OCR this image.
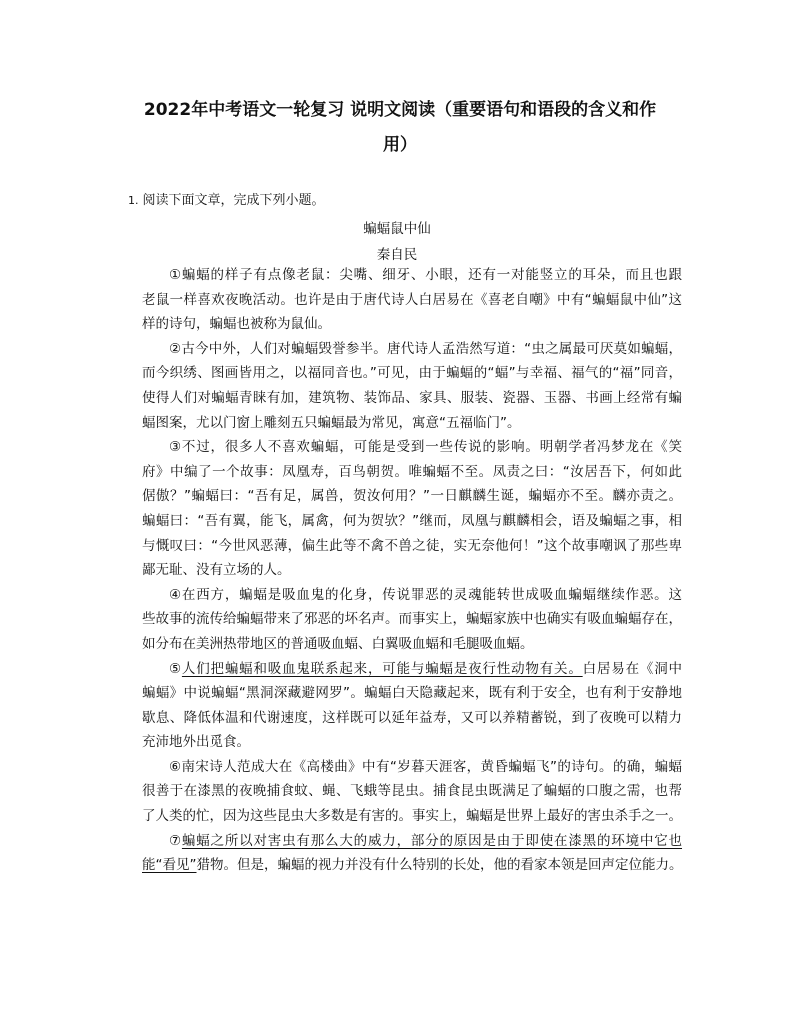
2022年中考语文一轮复习 说明文阅读（重要语句和语段的含义和作
用）
1. 阅读下面文章，完成下列小题。
蝙蝠鼠中仙
秦自民
①蝙蝠的样子有点像老鼠：尖嘴、细牙、小眼，还有一对能竖立的耳朵，而且也跟
老鼠一样喜欢夜晚活动。也许是由于唐代诗人白居易在《喜老自嘲》中有“蝙蝠鼠中仙”这
样的诗句，蝙蝠也被称为鼠仙。
②古今中外，人们对蝙蝠毁誉参半。唐代诗人孟浩然写道：“虫之属最可厌莫如蝙蝠，
而今织绣、图画皆用之，以福同音也。”可见，由于蝙蝠的“蝠”与幸福、福气的“福”同音，
使得人们对蝙蝠青睐有加，建筑物、装饰品、家具、服装、瓷器、玉器、书画上经常有蝙
蝠图案，尤以门窗上雕刻五只蝙蝠最为常见，寓意“五福临门”。
③不过，很多人不喜欢蝙蝠，可能是受到一些传说的影响。明朝学者冯梦龙在《笑
府》中编了一个故事：凤凰寿，百鸟朝贺。唯蝙蝠不至。凤责之曰：“汝居吾下，何如此
倨傲？”蝙蝠曰：“吾有足，属兽，贺汝何用？”一日麒麟生诞，蝙蝠亦不至。麟亦责之。
蝙蝠曰：“吾有翼，能飞，属禽，何为贺欤？”继而，凤凰与麒麟相会，语及蝙蝠之事，相
与慨叹曰：“今世风恶薄，偏生此等不禽不兽之徒，实无奈他何！”这个故事嘲讽了那些卑
鄙无耻、没有立场的人。
④在西方，蝙蝠是吸血鬼的化身，传说罪恶的灵魂能转世成吸血蝙蝠继续作恶。这
些故事的流传给蝙蝠带来了邪恶的坏名声。而事实上，蝙蝠家族中也确实有吸血蝙蝠存在，
如分布在美洲热带地区的普通吸血蝠、白翼吸血蝠和毛腿吸血蝠。
⑤人们把蝙蝠和吸血鬼联系起来，可能与蝙蝠是夜行性动物有关。白居易在《洞中
蝙蝠》中说蝙蝠“黑洞深藏避网罗”。蝙蝠白天隐藏起来，既有利于安全，也有利于安静地
歇息、降低体温和代谢速度，这样既可以延年益寿，又可以养精蓄锐，到了夜晚可以精力
充沛地外出觅食。
⑥南宋诗人范成大在《高楼曲》中有“岁暮天涯客，黄昏蝙蝠飞”的诗句。的确，蝙蝠
很善于在漆黑的夜晚捕食蚊、蝇、飞蛾等昆虫。捕食昆虫既满足了蝙蝠的口腹之需，也帮
了人类的忙，因为这些昆虫大多数是有害的。事实上，蝙蝠是世界上最好的害虫杀手之一。
⑦蝙蝠之所以对害虫有那么大的威力，部分的原因是由于即使在漆黑的环境中它也
能“看见”猎物。但是，蝙蝠的视力并没有什么特别的长处，他的看家本领是回声定位能力。
